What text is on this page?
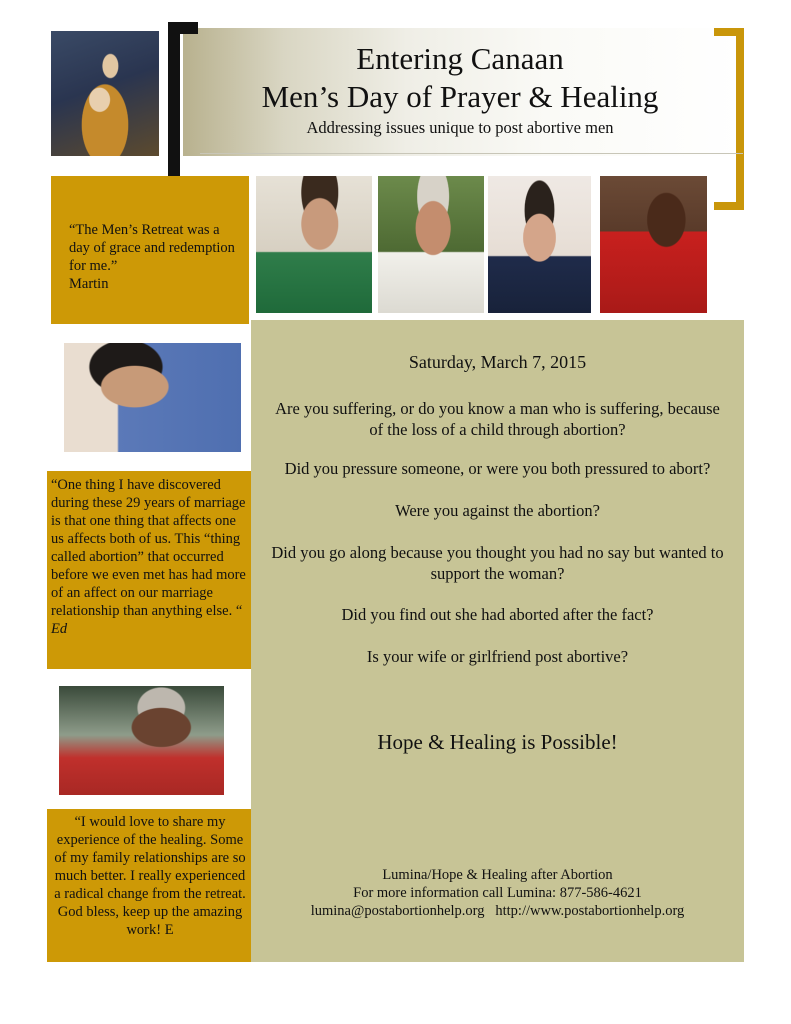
Entering Canaan
Men’s Day of Prayer & Healing
Addressing issues unique to post abortive men
“The Men’s Retreat was a day of grace and redemption for me.”
Martin
“One thing I have discovered during these 29 years of marriage is that one thing that affects one us affects both of us. This “thing called abortion” that occurred before we even met has had more of an affect on our marriage relationship than anything else. “
Ed
“I would love to share my experience of the healing. Some of my family relationships are so much better. I really experienced a radical change from the retreat.
God bless, keep up the amazing work! E
Saturday, March 7, 2015
Are you suffering, or do you know a man who is suffering, because of the loss of a child through abortion?
Did you pressure someone, or were you both pressured to abort?
Were you against the abortion?
Did you go along because you thought you had no say but wanted to support the woman?
Did you find out she had aborted after the fact?
Is your wife or girlfriend post abortive?
Hope & Healing is Possible!
Lumina/Hope & Healing after Abortion
For more information call Lumina: 877-586-4621
lumina@postabortionhelp.org http://www.postabortionhelp.org
